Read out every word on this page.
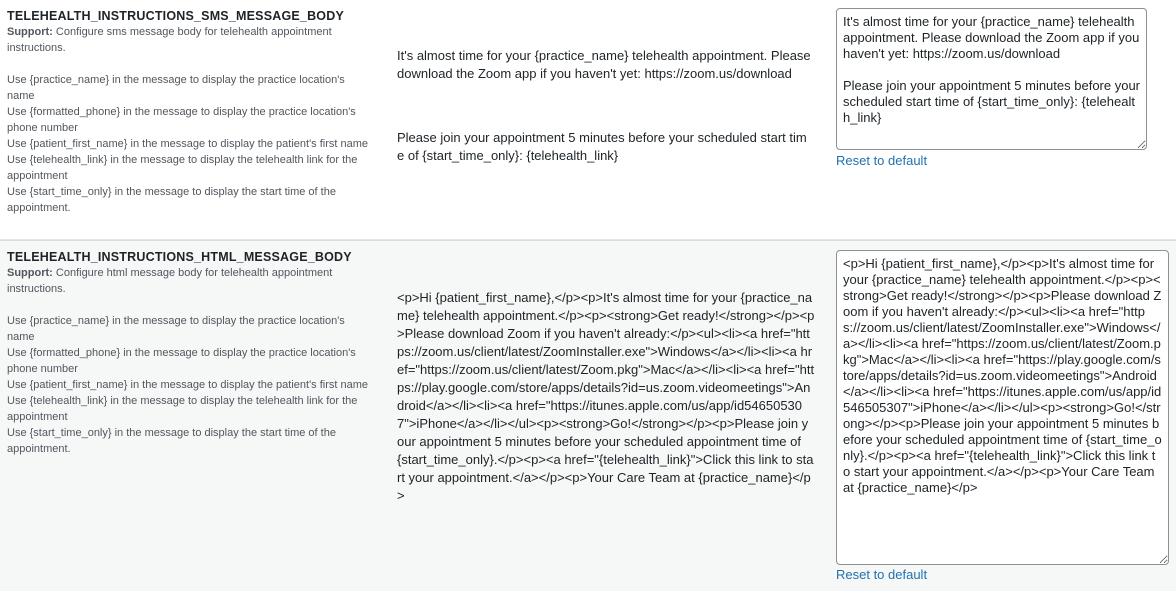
TELEHEALTH_INSTRUCTIONS_SMS_MESSAGE_BODY
Support: Configure sms message body for telehealth appointment instructions.
Use {practice_name} in the message to display the practice location's name
Use {formatted_phone} in the message to display the practice location's phone number
Use {patient_first_name} in the message to display the patient's first name
Use {telehealth_link} in the message to display the telehealth link for the appointment
Use {start_time_only} in the message to display the start time of the appointment.

It's almost time for your {practice_name} telehealth appointment. Please download the Zoom app if you haven't yet: https://zoom.us/download

Please join your appointment 5 minutes before your scheduled start time of {start_time_only}: {telehealth_link}

It's almost time for your {practice_name} telehealth appointment. Please download the Zoom app if you haven't yet: https://zoom.us/download Please join your appointment 5 minutes before your scheduled start time of {start_time_only}: {telehealth_link}	Reset to default
TELEHEALTH_INSTRUCTIONS_HTML_MESSAGE_BODY
Support: Configure html message body for telehealth appointment instructions.
Use {practice_name} in the message to display the practice location's name
Use {formatted_phone} in the message to display the practice location's phone number
Use {patient_first_name} in the message to display the patient's first name
Use {telehealth_link} in the message to display the telehealth link for the appointment
Use {start_time_only} in the message to display the start time of the appointment.

<p>Hi {patient_first_name},</p><p>It's almost time for your {practice_name} telehealth appointment.</p><p><strong>Get ready!</strong></p><p>Please download Zoom if you haven't already:</p><ul><li><a href="https://zoom.us/client/latest/ZoomInstaller.exe">Windows</a></li><li><a href="https://zoom.us/client/latest/Zoom.pkg">Mac</a></li><li><a href="https://play.google.com/store/apps/details?id=us.zoom.videomeetings">Android</a></li><li><a href="https://itunes.apple.com/us/app/id546505307">iPhone</a></li></ul><p><strong>Go!</strong></p><p>Please join your appointment 5 minutes before your scheduled appointment time of {start_time_only}.</p><p><a href="{telehealth_link}">Click this link to start your appointment.</a></p><p>Your Care Team at {practice_name}</p>

<p>Hi {patient_first_name},</p><p>It's almost time for your {practice_name} telehealth appointment.</p><p><strong>Get ready!</strong></p><p>Please download Zoom if you haven't already:</p><ul><li><a href="https://zoom.us/client/latest/ZoomInstaller.exe">Windows</a></li><li><a href="https://zoom.us/client/latest/Zoom.pkg">Mac</a></li><li><a href="https://play.google.com/store/apps/details?id=us.zoom.videomeetings">Android</a></li><li><a href="https://itunes.apple.com/us/app/id546505307">iPhone</a></li></ul><p><strong>Go!</strong></p><p>Please join your appointment 5 minutes before your scheduled appointment time of {start_time_only}.</p><p><a href="{telehealth_link}">Click this link to start your appointment.</a></p><p>Your Care Team at {practice_name}</p>
Reset to default
